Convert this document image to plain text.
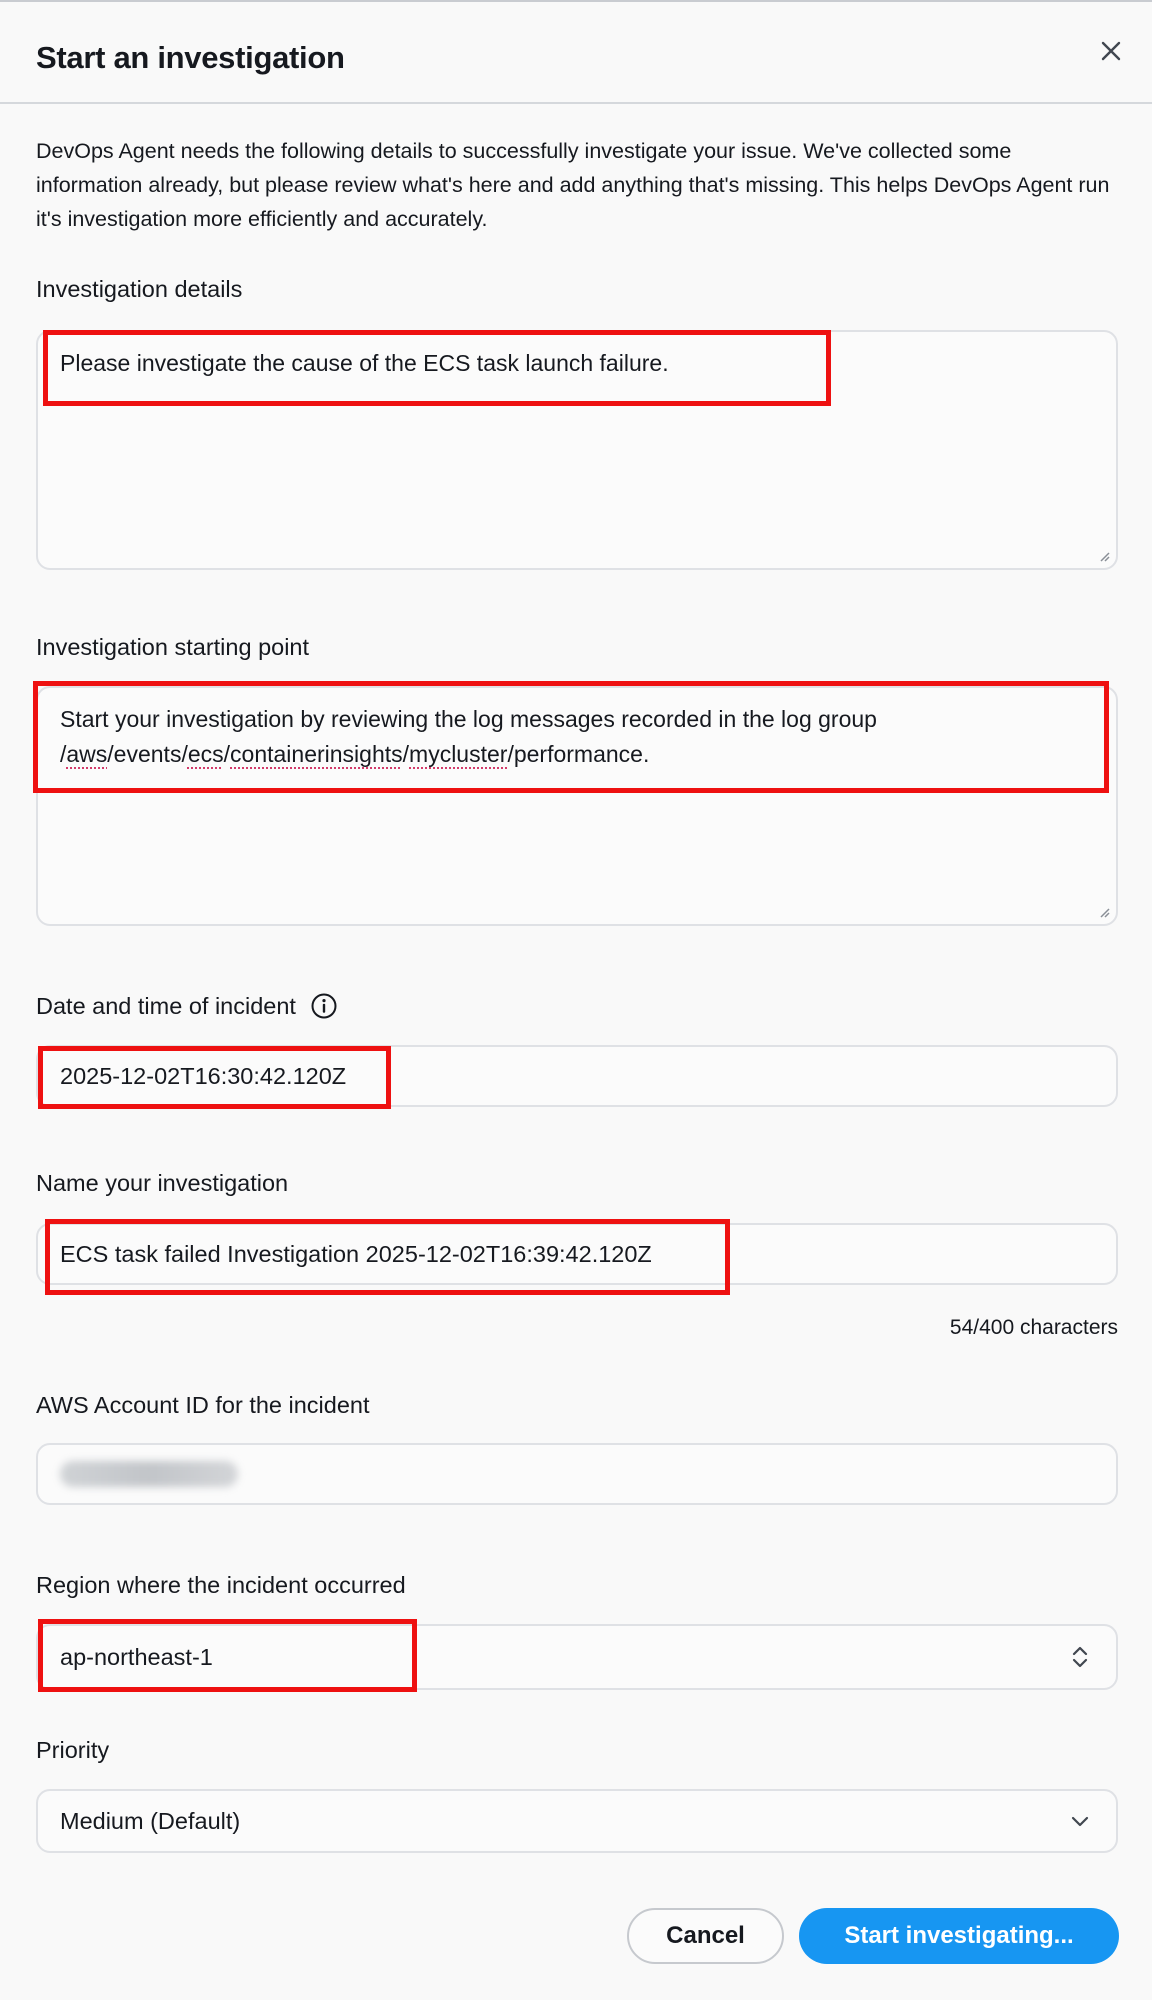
Start an investigation
DevOps Agent needs the following details to successfully investigate your issue. We've collected some information already, but please review what's here and add anything that's missing. This helps DevOps Agent run it's investigation more efficiently and accurately.
Investigation details
Please investigate the cause of the ECS task launch failure.
Investigation starting point
Start your investigation by reviewing the log messages recorded in the log group
/aws/events/ecs/containerinsights/mycluster/performance.
Date and time of incident
2025-12-02T16:30:42.120Z
Name your investigation
ECS task failed Investigation 2025-12-02T16:39:42.120Z
54/400 characters
AWS Account ID for the incident
Region where the incident occurred
ap-northeast-1
Priority
Medium (Default)
Cancel	Start investigating...
